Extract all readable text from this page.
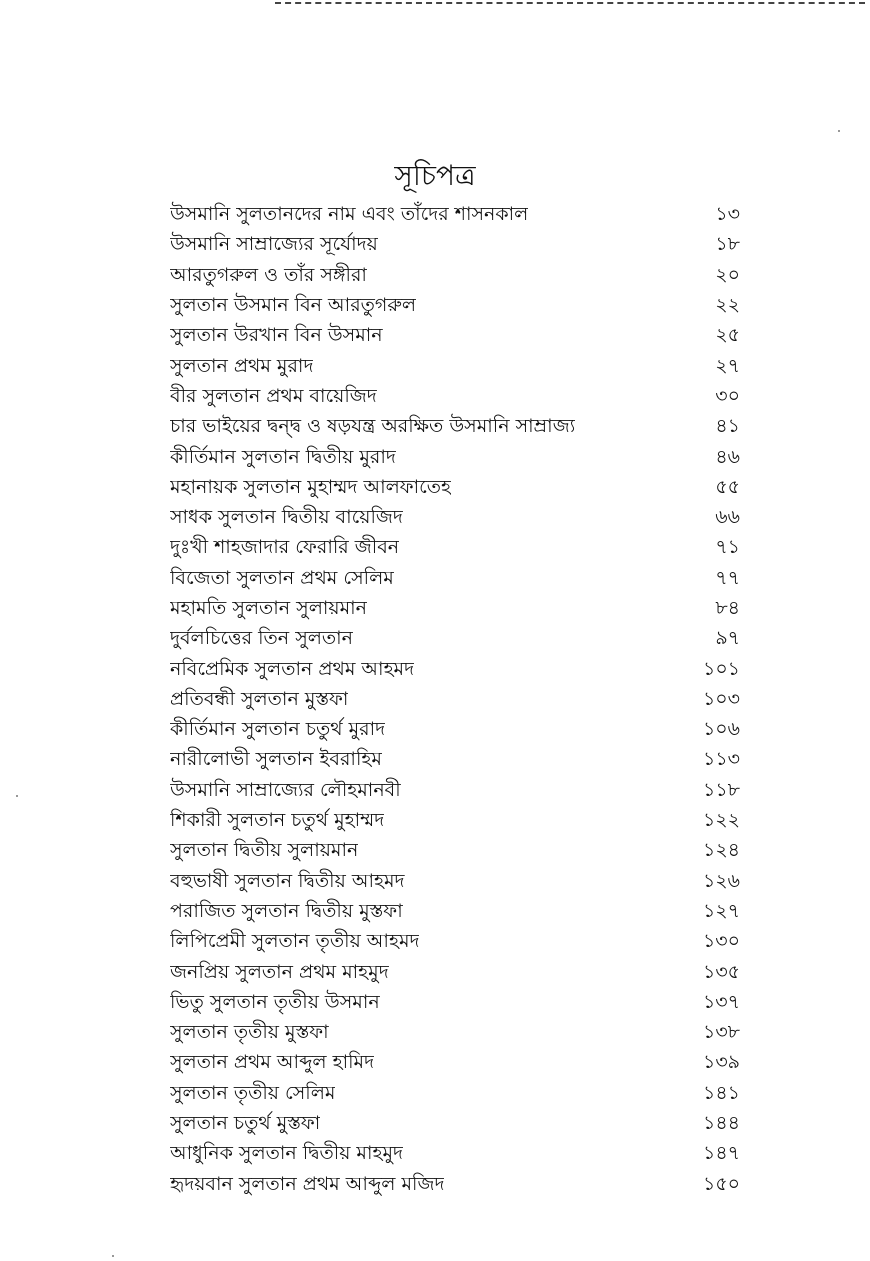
সূচিপত্র
উসমানি সুলতানদের নাম এবং তাঁদের শাসনকাল	১৩
উসমানি সাম্রাজ্যের সূর্যোদয়	১৮
আরতুগরুল ও তাঁর সঙ্গীরা	২০
সুলতান উসমান বিন আরতুগরুল	২২
সুলতান উরখান বিন উসমান	২৫
সুলতান প্রথম মুরাদ	২৭
বীর সুলতান প্রথম বায়েজিদ	৩০
চার ভাইয়ের দ্বন্দ্ব ও ষড়যন্ত্র অরক্ষিত উসমানি সাম্রাজ্য	৪১
কীর্তিমান সুলতান দ্বিতীয় মুরাদ	৪৬
মহানায়ক সুলতান মুহাম্মদ আলফাতেহ	৫৫
সাধক সুলতান দ্বিতীয় বায়েজিদ	৬৬
দুঃখী শাহজাদার ফেরারি জীবন	৭১
বিজেতা সুলতান প্রথম সেলিম	৭৭
মহামতি সুলতান সুলায়মান	৮৪
দুর্বলচিত্তের তিন সুলতান	৯৭
নবিপ্রেমিক সুলতান প্রথম আহমদ	১০১
প্রতিবন্ধী সুলতান মুস্তফা	১০৩
কীর্তিমান সুলতান চতুর্থ মুরাদ	১০৬
নারীলোভী সুলতান ইবরাহিম	১১৩
উসমানি সাম্রাজ্যের লৌহমানবী	১১৮
শিকারী সুলতান চতুর্থ মুহাম্মদ	১২২
সুলতান দ্বিতীয় সুলায়মান	১২৪
বহুভাষী সুলতান দ্বিতীয় আহমদ	১২৬
পরাজিত সুলতান দ্বিতীয় মুস্তফা	১২৭
লিপিপ্রেমী সুলতান তৃতীয় আহমদ	১৩০
জনপ্রিয় সুলতান প্রথম মাহমুদ	১৩৫
ভিতু সুলতান তৃতীয় উসমান	১৩৭
সুলতান তৃতীয় মুস্তফা	১৩৮
সুলতান প্রথম আব্দুল হামিদ	১৩৯
সুলতান তৃতীয় সেলিম	১৪১
সুলতান চতুর্থ মুস্তফা	১৪৪
আধুনিক সুলতান দ্বিতীয় মাহমুদ	১৪৭
হৃদয়বান সুলতান প্রথম আব্দুল মজিদ	১৫০
